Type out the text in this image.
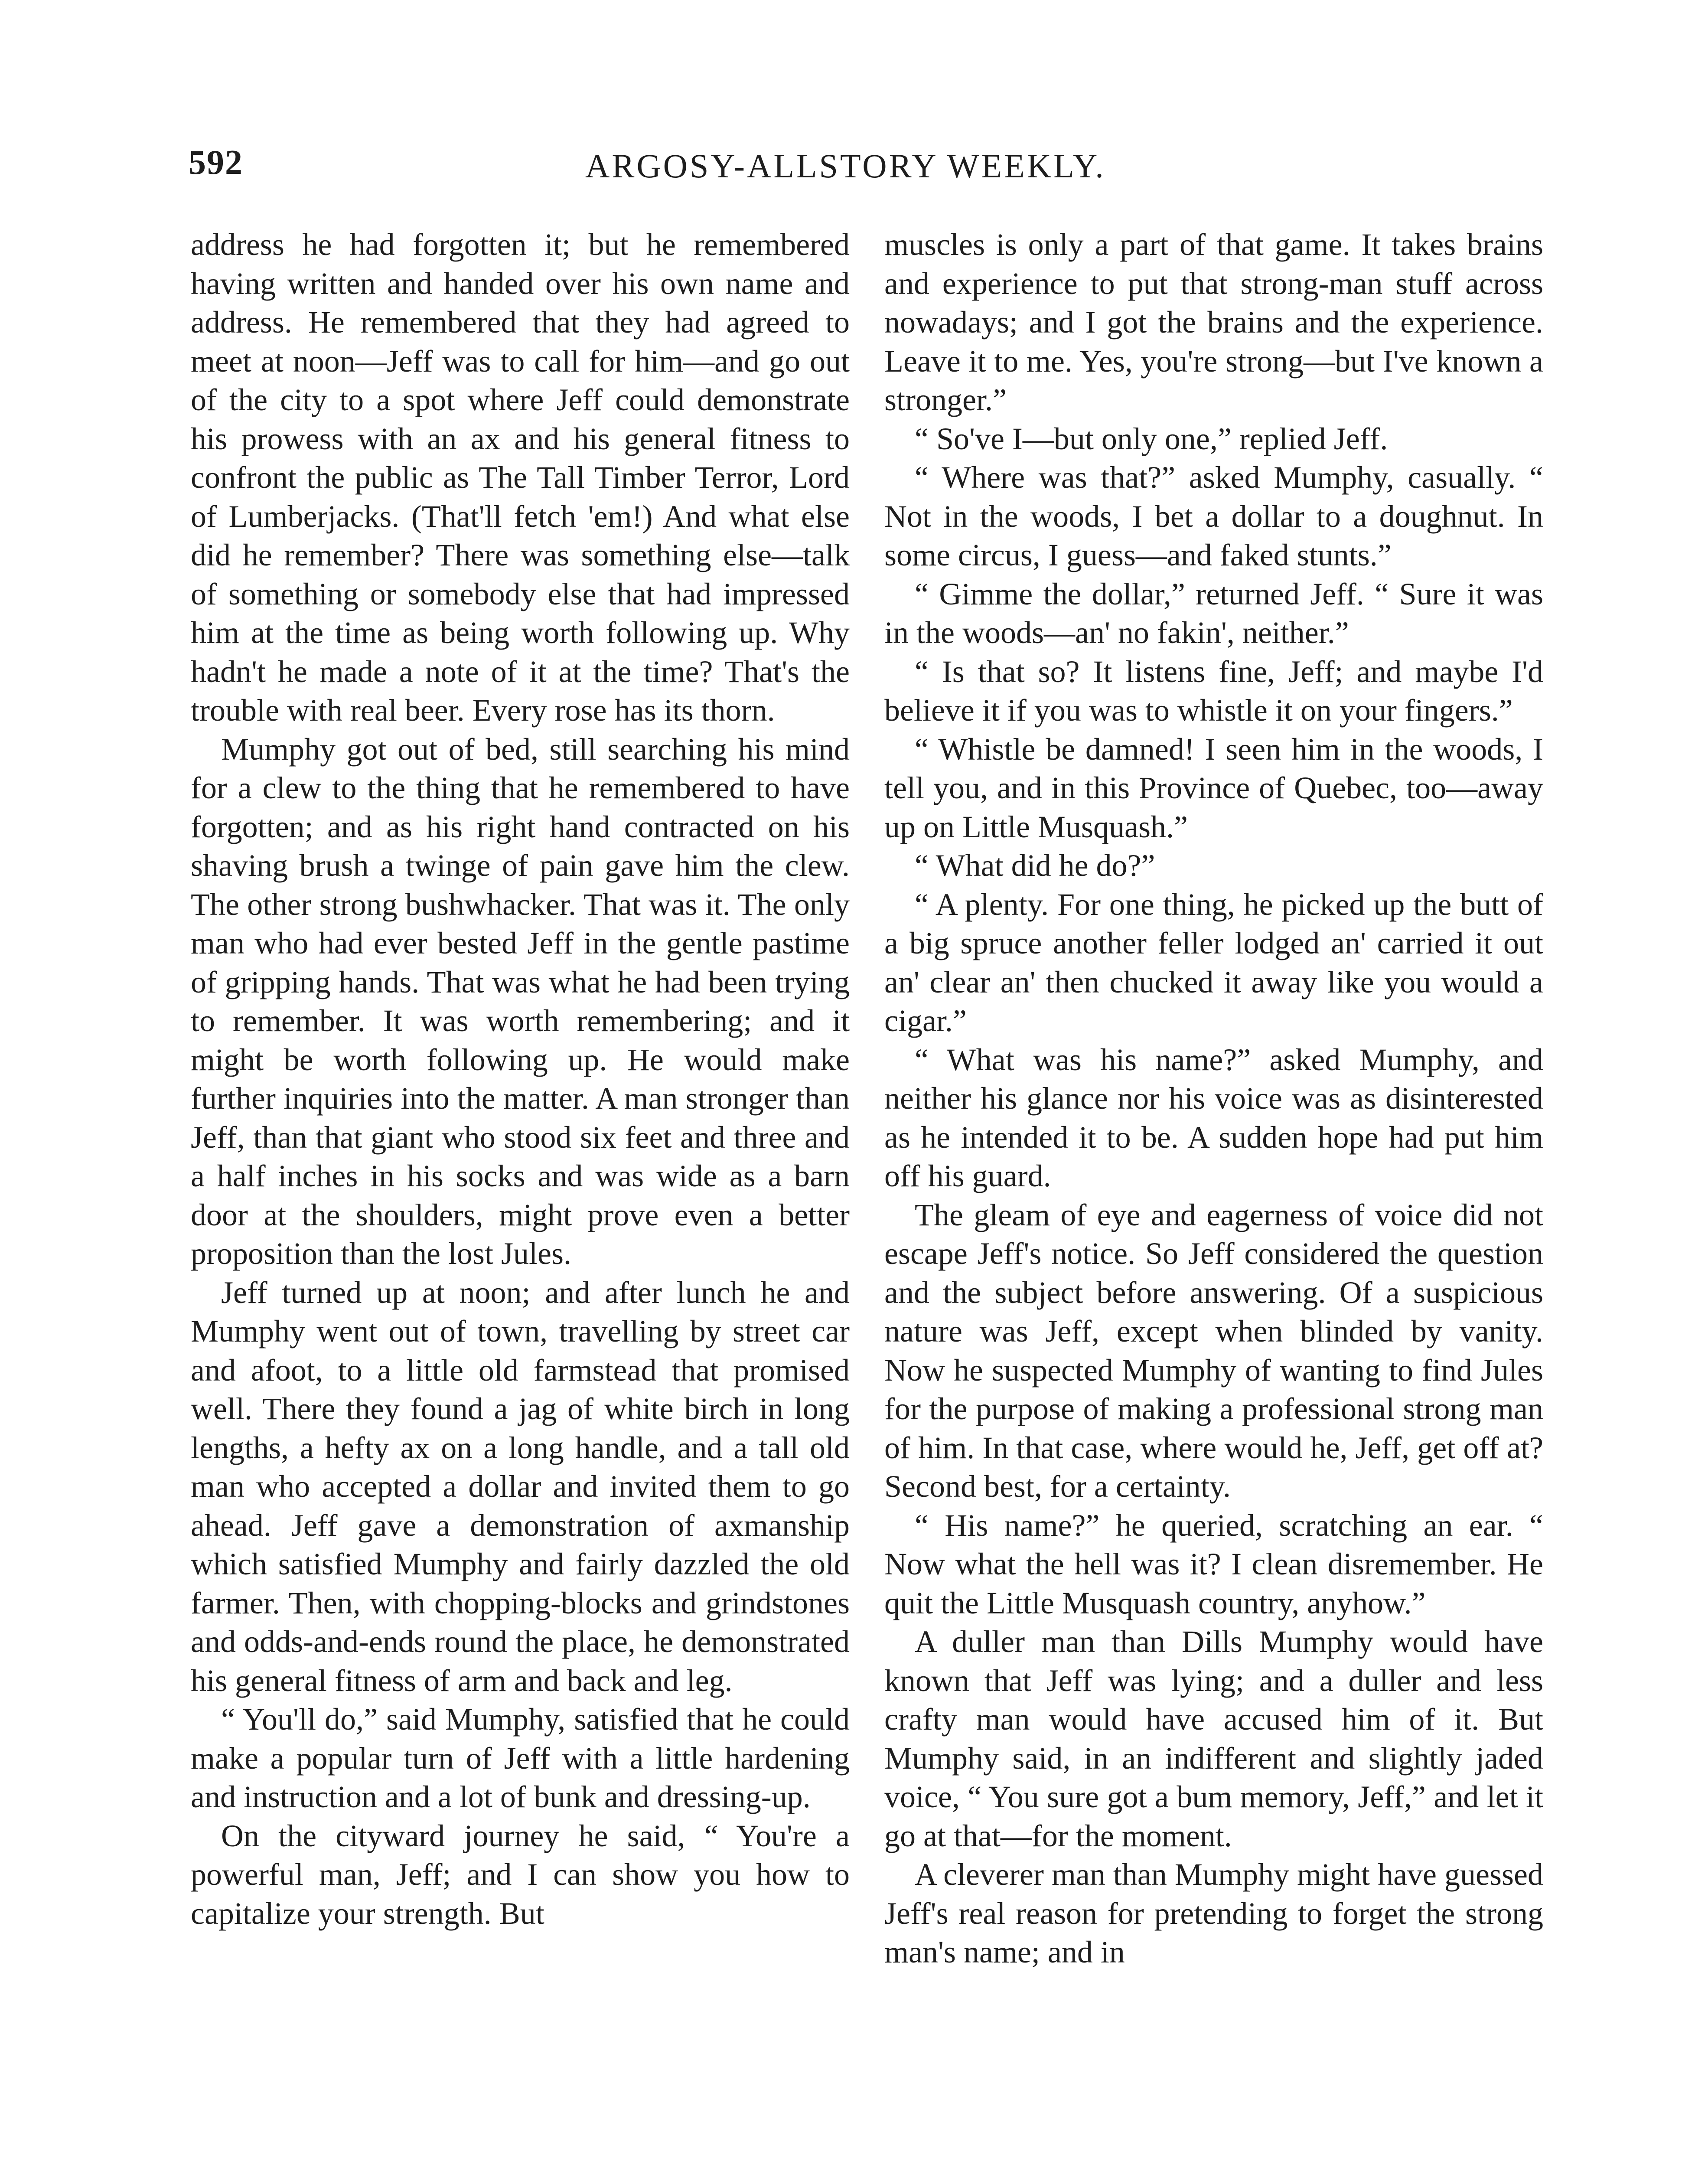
592	ARGOSY-ALLSTORY WEEKLY.

address he had forgotten it; but he remembered having written and handed over his own name and address. He remembered that they had agreed to meet at noon—Jeff was to call for him—and go out of the city to a spot where Jeff could demonstrate his prowess with an ax and his general fitness to confront the public as The Tall Timber Terror, Lord of Lumberjacks. (That'll fetch 'em!) And what else did he remember? There was something else—talk of something or somebody else that had impressed him at the time as being worth following up. Why hadn't he made a note of it at the time? That's the trouble with real beer. Every rose has its thorn.

Mumphy got out of bed, still searching his mind for a clew to the thing that he remembered to have forgotten; and as his right hand contracted on his shaving brush a twinge of pain gave him the clew. The other strong bushwhacker. That was it. The only man who had ever bested Jeff in the gentle pastime of gripping hands. That was what he had been trying to remember. It was worth remembering; and it might be worth following up. He would make further inquiries into the matter. A man stronger than Jeff, than that giant who stood six feet and three and a half inches in his socks and was wide as a barn door at the shoulders, might prove even a better proposition than the lost Jules.

Jeff turned up at noon; and after lunch he and Mumphy went out of town, travelling by street car and afoot, to a little old farmstead that promised well. There they found a jag of white birch in long lengths, a hefty ax on a long handle, and a tall old man who accepted a dollar and invited them to go ahead. Jeff gave a demonstration of axmanship which satisfied Mumphy and fairly dazzled the old farmer. Then, with chopping-blocks and grindstones and odds-and-ends round the place, he demonstrated his general fitness of arm and back and leg.

“ You'll do,” said Mumphy, satisfied that he could make a popular turn of Jeff with a little hardening and instruction and a lot of bunk and dressing-up.

On the cityward journey he said, “ You're a powerful man, Jeff; and I can show you how to capitalize your strength. But

muscles is only a part of that game. It takes brains and experience to put that strong-man stuff across nowadays; and I got the brains and the experience. Leave it to me. Yes, you're strong—but I've known a stronger.”

“ So've I—but only one,” replied Jeff.

“ Where was that?” asked Mumphy, casually. “ Not in the woods, I bet a dollar to a doughnut. In some circus, I guess—and faked stunts.”

“ Gimme the dollar,” returned Jeff. “ Sure it was in the woods—an' no fakin', neither.”

“ Is that so? It listens fine, Jeff; and maybe I'd believe it if you was to whistle it on your fingers.”

“ Whistle be damned! I seen him in the woods, I tell you, and in this Province of Quebec, too—away up on Little Musquash.”

“ What did he do?”

“ A plenty. For one thing, he picked up the butt of a big spruce another feller lodged an' carried it out an' clear an' then chucked it away like you would a cigar.”

“ What was his name?” asked Mumphy, and neither his glance nor his voice was as disinterested as he intended it to be. A sudden hope had put him off his guard.

The gleam of eye and eagerness of voice did not escape Jeff's notice. So Jeff considered the question and the subject before answering. Of a suspicious nature was Jeff, except when blinded by vanity. Now he suspected Mumphy of wanting to find Jules for the purpose of making a professional strong man of him. In that case, where would he, Jeff, get off at? Second best, for a certainty.

“ His name?” he queried, scratching an ear. “ Now what the hell was it? I clean disremember. He quit the Little Musquash country, anyhow.”

A duller man than Dills Mumphy would have known that Jeff was lying; and a duller and less crafty man would have accused him of it. But Mumphy said, in an indifferent and slightly jaded voice, “ You sure got a bum memory, Jeff,” and let it go at that—for the moment.

A cleverer man than Mumphy might have guessed Jeff's real reason for pretending to forget the strong man's name; and in
